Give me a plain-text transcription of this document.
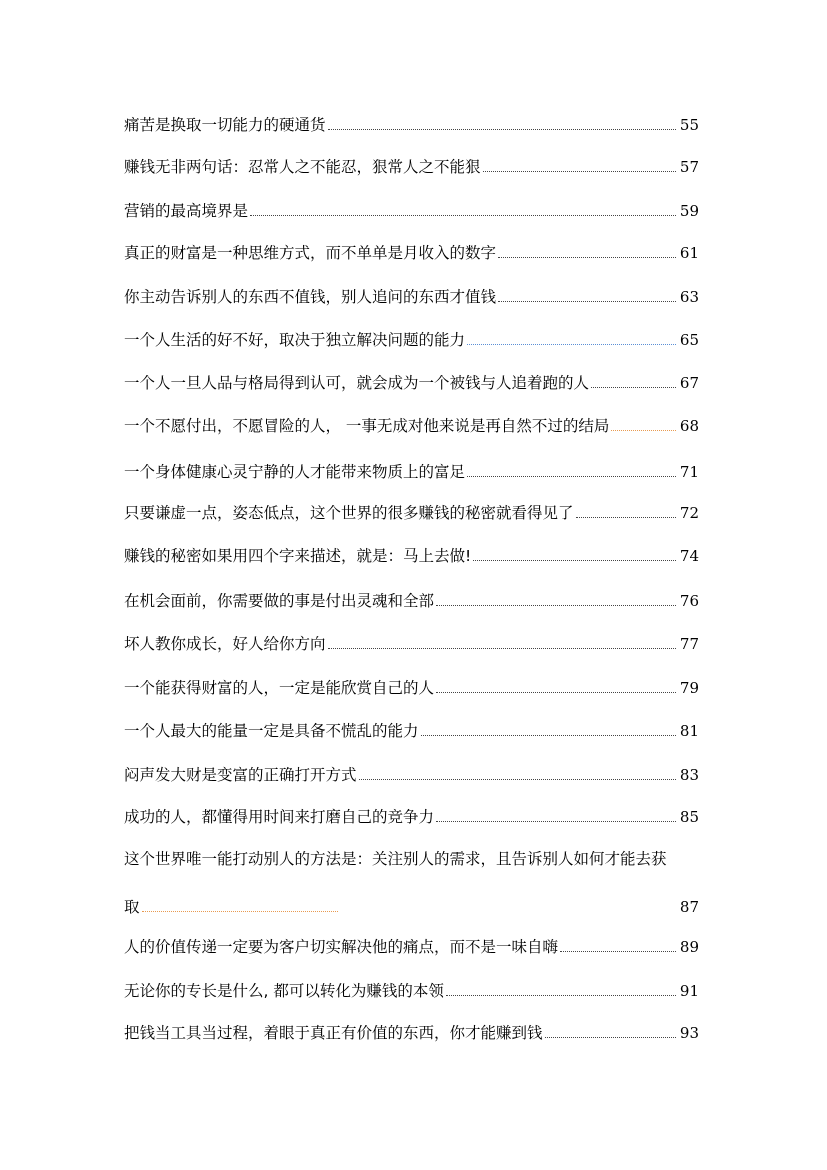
痛苦是换取一切能力的硬通货	55
赚钱无非两句话：忍常人之不能忍，狠常人之不能狠	57
营销的最高境界是	59
真正的财富是一种思维方式，而不单单是月收入的数字	61
你主动告诉别人的东西不值钱，别人追问的东西才值钱	63
一个人生活的好不好，取决于独立解决问题的能力	65
一个人一旦人品与格局得到认可，就会成为一个被钱与人追着跑的人	67
一个不愿付出，不愿冒险的人， 一事无成对他来说是再自然不过的结局	68
一个身体健康心灵宁静的人才能带来物质上的富足	71
只要谦虚一点，姿态低点，这个世界的很多赚钱的秘密就看得见了	72
赚钱的秘密如果用四个字来描述，就是：马上去做!	74
在机会面前，你需要做的事是付出灵魂和全部	76
坏人教你成长，好人给你方向	77
一个能获得财富的人，一定是能欣赏自己的人	79
一个人最大的能量一定是具备不慌乱的能力	81
闷声发大财是变富的正确打开方式	83
成功的人，都懂得用时间来打磨自己的竞争力	85
这个世界唯一能打动别人的方法是：关注别人的需求，且告诉别人如何才能去获
取	87
人的价值传递一定要为客户切实解决他的痛点，而不是一味自嗨	89
无论你的专长是什么, 都可以转化为赚钱的本领	91
把钱当工具当过程，着眼于真正有价值的东西，你才能赚到钱	93
